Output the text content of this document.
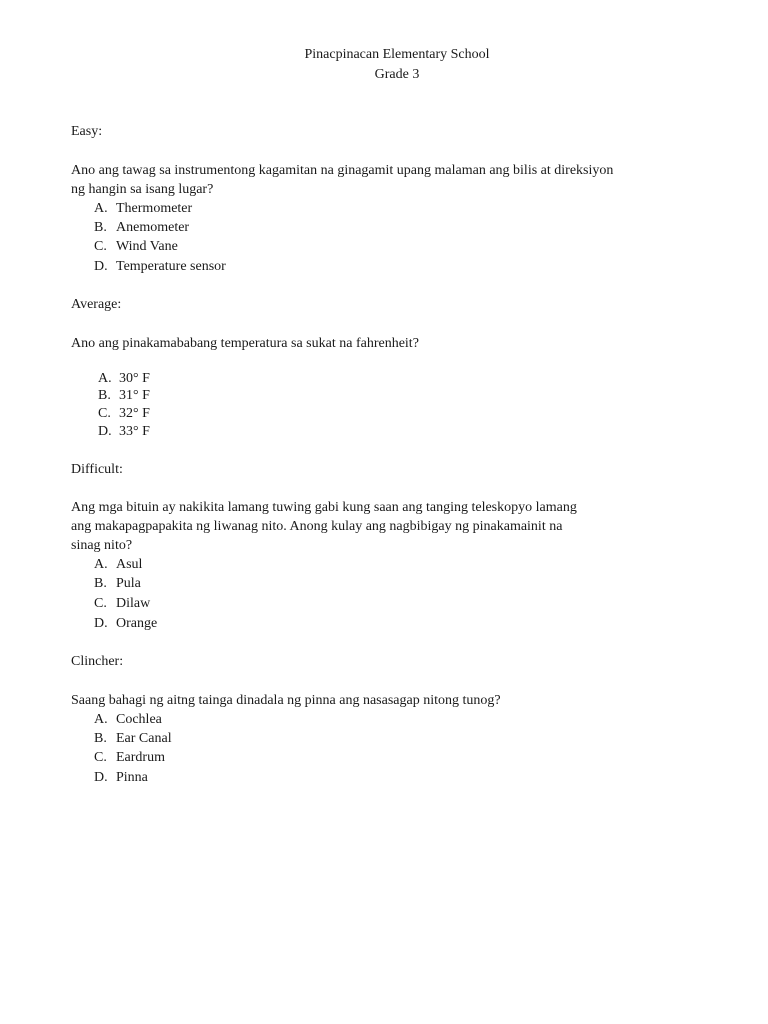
Pinacpinacan Elementary School
Grade 3
Easy:
Ano ang tawag sa instrumentong kagamitan na ginagamit upang malaman ang bilis at direksiyon
ng hangin sa isang lugar?
A. Thermometer
B. Anemometer
C. Wind Vane
D. Temperature sensor
Average:
Ano ang pinakamababang temperatura sa sukat na fahrenheit?
A. 30° F
B. 31° F
C. 32° F
D. 33° F
Difficult:
Ang mga bituin ay nakikita lamang tuwing gabi kung saan ang tanging teleskopyo lamang
ang makapagpapakita ng liwanag nito. Anong kulay ang nagbibigay ng pinakamainit na
sinag nito?
A. Asul
B. Pula
C. Dilaw
D. Orange
Clincher:
Saang bahagi ng aitng tainga dinadala ng pinna ang nasasagap nitong tunog?
A. Cochlea
B. Ear Canal
C. Eardrum
D. Pinna
